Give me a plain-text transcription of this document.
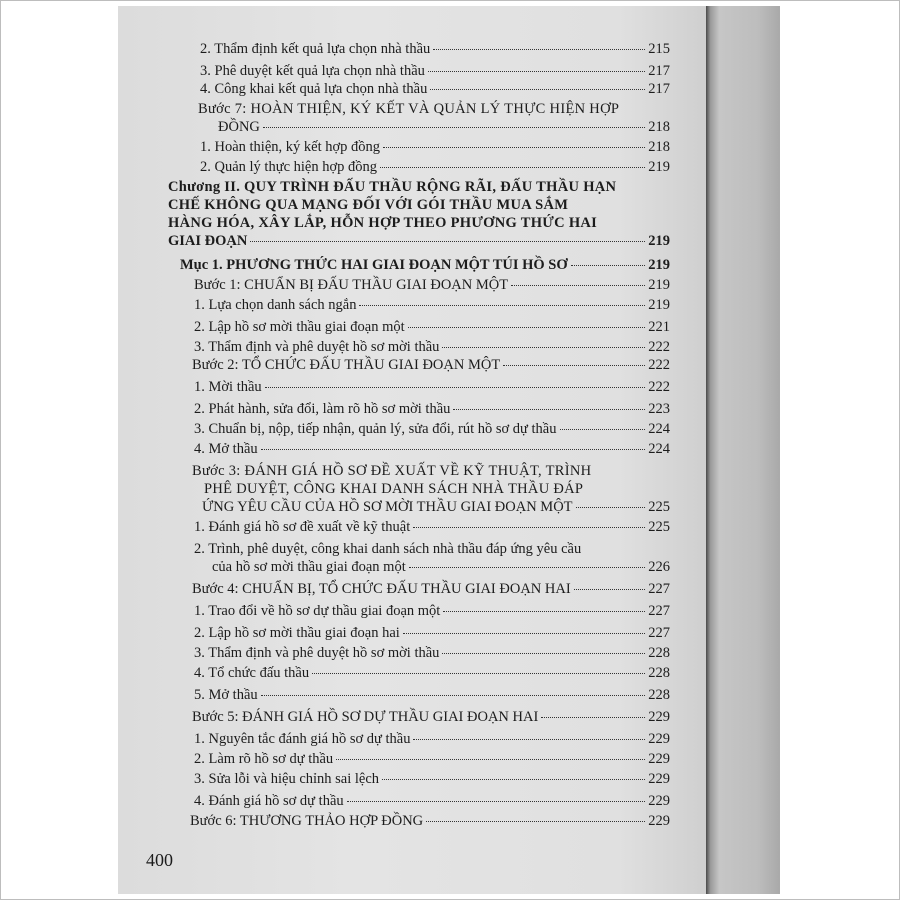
2. Thẩm định kết quả lựa chọn nhà thầu	215
3. Phê duyệt kết quả lựa chọn nhà thầu	217
4. Công khai kết quả lựa chọn nhà thầu	217
Bước 7: HOÀN THIỆN, KÝ KẾT VÀ QUẢN LÝ THỰC HIỆN HỢP
ĐỒNG	218
1. Hoàn thiện, ký kết hợp đồng	218
2. Quản lý thực hiện hợp đồng	219
Chương II. QUY TRÌNH ĐẤU THẦU RỘNG RÃI, ĐẤU THẦU HẠN
CHẾ KHÔNG QUA MẠNG ĐỐI VỚI GÓI THẦU MUA SẮM
HÀNG HÓA, XÂY LẮP, HỖN HỢP THEO PHƯƠNG THỨC HAI
GIAI ĐOẠN	219
Mục 1. PHƯƠNG THỨC HAI GIAI ĐOẠN MỘT TÚI HỒ SƠ	219
Bước 1: CHUẨN BỊ ĐẤU THẦU GIAI ĐOẠN MỘT	219
1. Lựa chọn danh sách ngắn	219
2. Lập hồ sơ mời thầu giai đoạn một	221
3. Thẩm định và phê duyệt hồ sơ mời thầu	222
Bước 2: TỔ CHỨC ĐẤU THẦU GIAI ĐOẠN MỘT	222
1. Mời thầu	222
2. Phát hành, sửa đổi, làm rõ hồ sơ mời thầu	223
3. Chuẩn bị, nộp, tiếp nhận, quản lý, sửa đổi, rút hồ sơ dự thầu	224
4. Mở thầu	224
Bước 3: ĐÁNH GIÁ HỒ SƠ ĐỀ XUẤT VỀ KỸ THUẬT, TRÌNH
PHÊ DUYỆT, CÔNG KHAI DANH SÁCH NHÀ THẦU ĐÁP
ỨNG YÊU CẦU CỦA HỒ SƠ MỜI THẦU GIAI ĐOẠN MỘT	225
1. Đánh giá hồ sơ đề xuất về kỹ thuật	225
2. Trình, phê duyệt, công khai danh sách nhà thầu đáp ứng yêu cầu
của hồ sơ mời thầu giai đoạn một	226
Bước 4: CHUẨN BỊ, TỔ CHỨC ĐẤU THẦU GIAI ĐOẠN HAI	227
1. Trao đổi về hồ sơ dự thầu giai đoạn một	227
2. Lập hồ sơ mời thầu giai đoạn hai	227
3. Thẩm định và phê duyệt hồ sơ mời thầu	228
4. Tổ chức đấu thầu	228
5. Mở thầu	228
Bước 5: ĐÁNH GIÁ HỒ SƠ DỰ THẦU GIAI ĐOẠN HAI	229
1. Nguyên tắc đánh giá hồ sơ dự thầu	229
2. Làm rõ hồ sơ dự thầu	229
3. Sửa lỗi và hiệu chỉnh sai lệch	229
4. Đánh giá hồ sơ dự thầu	229
Bước 6: THƯƠNG THẢO HỢP ĐỒNG	229
400
